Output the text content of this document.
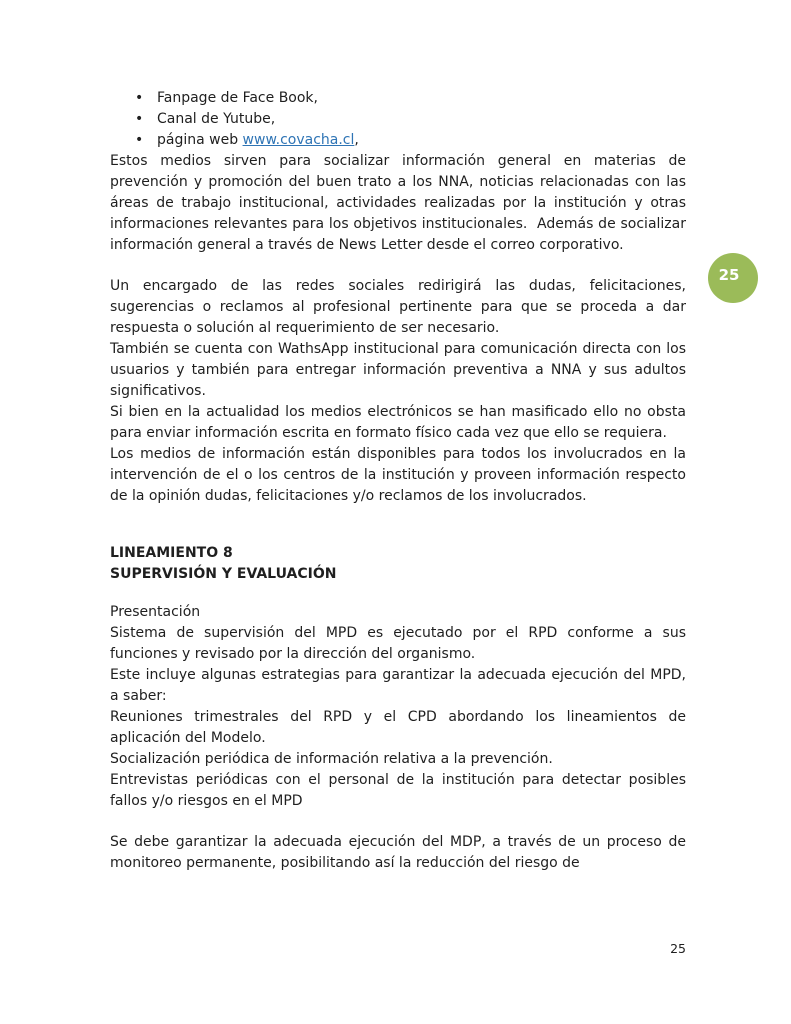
• Fanpage de Face Book,
• Canal de Yutube,
• página web www.covacha.cl,

Estos medios sirven para socializar información general en materias de prevención y promoción del buen trato a los NNA, noticias relacionadas con las áreas de trabajo institucional, actividades realizadas por la institución y otras informaciones relevantes para los objetivos institucionales.  Además de socializar información general a través de News Letter desde el correo corporativo.

Un encargado de las redes sociales redirigirá las dudas, felicitaciones, sugerencias o reclamos al profesional pertinente para que se proceda a dar respuesta o solución al requerimiento de ser necesario.

También se cuenta con WathsApp institucional para comunicación directa con los usuarios y también para entregar información preventiva a NNA y sus adultos significativos.

Si bien en la actualidad los medios electrónicos se han masificado ello no obsta para enviar información escrita en formato físico cada vez que ello se requiera.

Los medios de información están disponibles para todos los involucrados en la intervención de el o los centros de la institución y proveen información respecto de la opinión dudas, felicitaciones y/o reclamos de los involucrados.

LINEAMIENTO 8
SUPERVISIÓN Y EVALUACIÓN

Presentación

Sistema de supervisión del MPD es ejecutado por el RPD conforme a sus funciones y revisado por la dirección del organismo.

Este incluye algunas estrategias para garantizar la adecuada ejecución del MPD, a saber:

Reuniones trimestrales del RPD y el CPD abordando los lineamientos de aplicación del Modelo.

Socialización periódica de información relativa a la prevención.

Entrevistas periódicas con el personal de la institución para detectar posibles fallos y/o riesgos en el MPD

Se debe garantizar la adecuada ejecución del MDP, a través de un proceso de monitoreo permanente, posibilitando así la reducción del riesgo de

25
25
